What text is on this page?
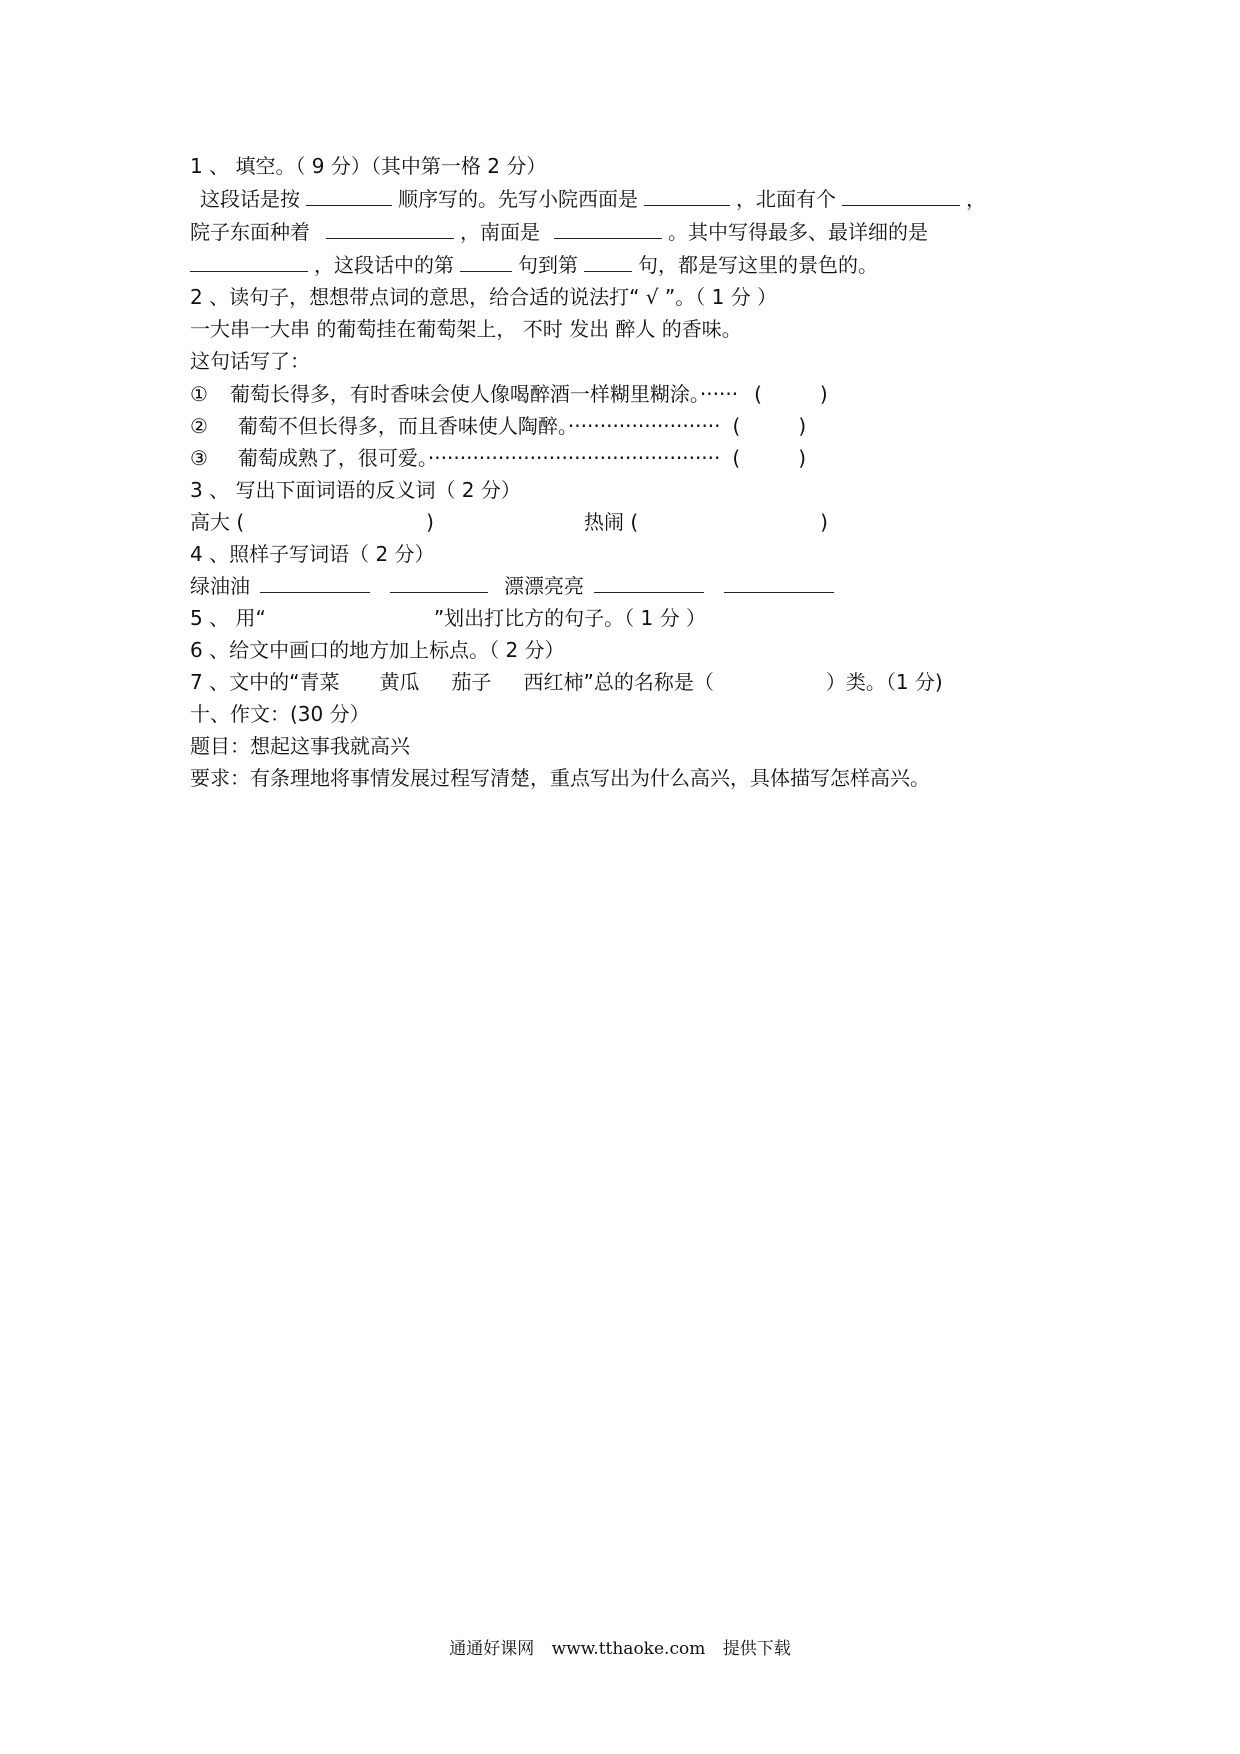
1 、 填空。（ 9 分）（其中第一格 2 分）
这段话是按	顺序写的。先写小院西面是	，北面有个	，
院子东面种着	，南面是	。其中写得最多、最详细的是
，这段话中的第	句到第	句，都是写这里的景色的。
2 、读句子，想想带点词的意思，给合适的说法打“ √ ”。（ 1 分 ）
一大串一大串 的葡萄挂在葡萄架上， 不时 发出 醉人 的香味。
这句话写了：
① 葡萄长得多，有时香味会使人像喝醉酒一样糊里糊涂。······ (	)
② 葡萄不但长得多，而且香味使人陶醉。························ (	)
③ 葡萄成熟了，很可爱。·············································· (	)
3 、 写出下面词语的反义词（ 2 分）
高大 (	)	热闹 (	)
4 、照样子写词语（ 2 分）
绿油油	漂漂亮亮
5 、 用“	”划出打比方的句子。（ 1 分 ）
6 、给文中画口的地方加上标点。（ 2 分）
7 、文中的“青菜 黄瓜 茄子 西红柿”总的名称是（	）类。（1 分)
十、作文：(30 分）
题目：想起这事我就高兴
要求：有条理地将事情发展过程写清楚，重点写出为什么高兴，具体描写怎样高兴。
通通好课网 www.tthaoke.com 提供下载
